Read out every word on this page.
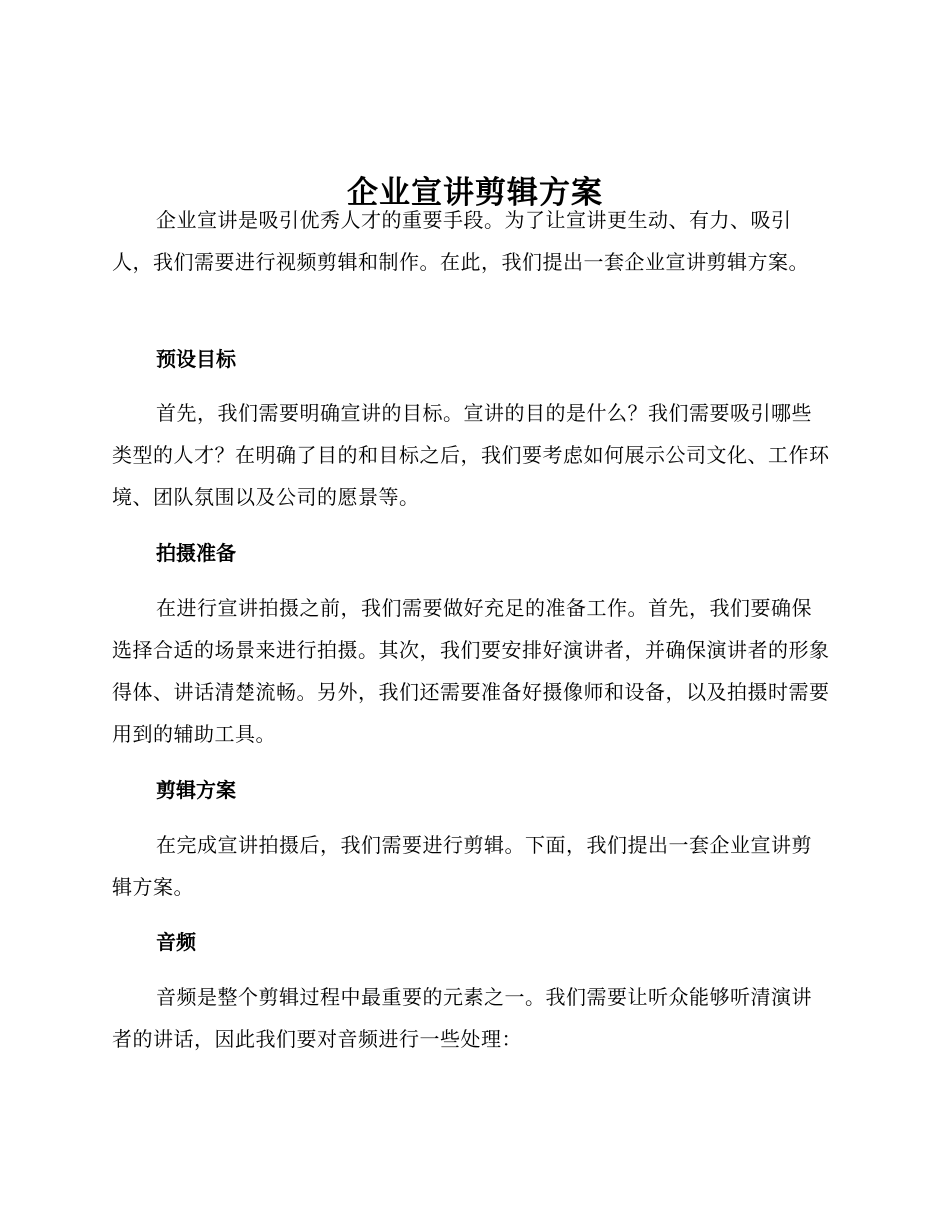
企业宣讲剪辑方案

企业宣讲是吸引优秀人才的重要手段。为了让宣讲更生动、有力、吸引人，我们需要进行视频剪辑和制作。在此，我们提出一套企业宣讲剪辑方案。

预设目标

首先，我们需要明确宣讲的目标。宣讲的目的是什么？我们需要吸引哪些类型的人才？在明确了目的和目标之后，我们要考虑如何展示公司文化、工作环境、团队氛围以及公司的愿景等。

拍摄准备

在进行宣讲拍摄之前，我们需要做好充足的准备工作。首先，我们要确保选择合适的场景来进行拍摄。其次，我们要安排好演讲者，并确保演讲者的形象得体、讲话清楚流畅。另外，我们还需要准备好摄像师和设备，以及拍摄时需要用到的辅助工具。

剪辑方案

在完成宣讲拍摄后，我们需要进行剪辑。下面，我们提出一套企业宣讲剪辑方案。

音频

音频是整个剪辑过程中最重要的元素之一。我们需要让听众能够听清演讲者的讲话，因此我们要对音频进行一些处理：
